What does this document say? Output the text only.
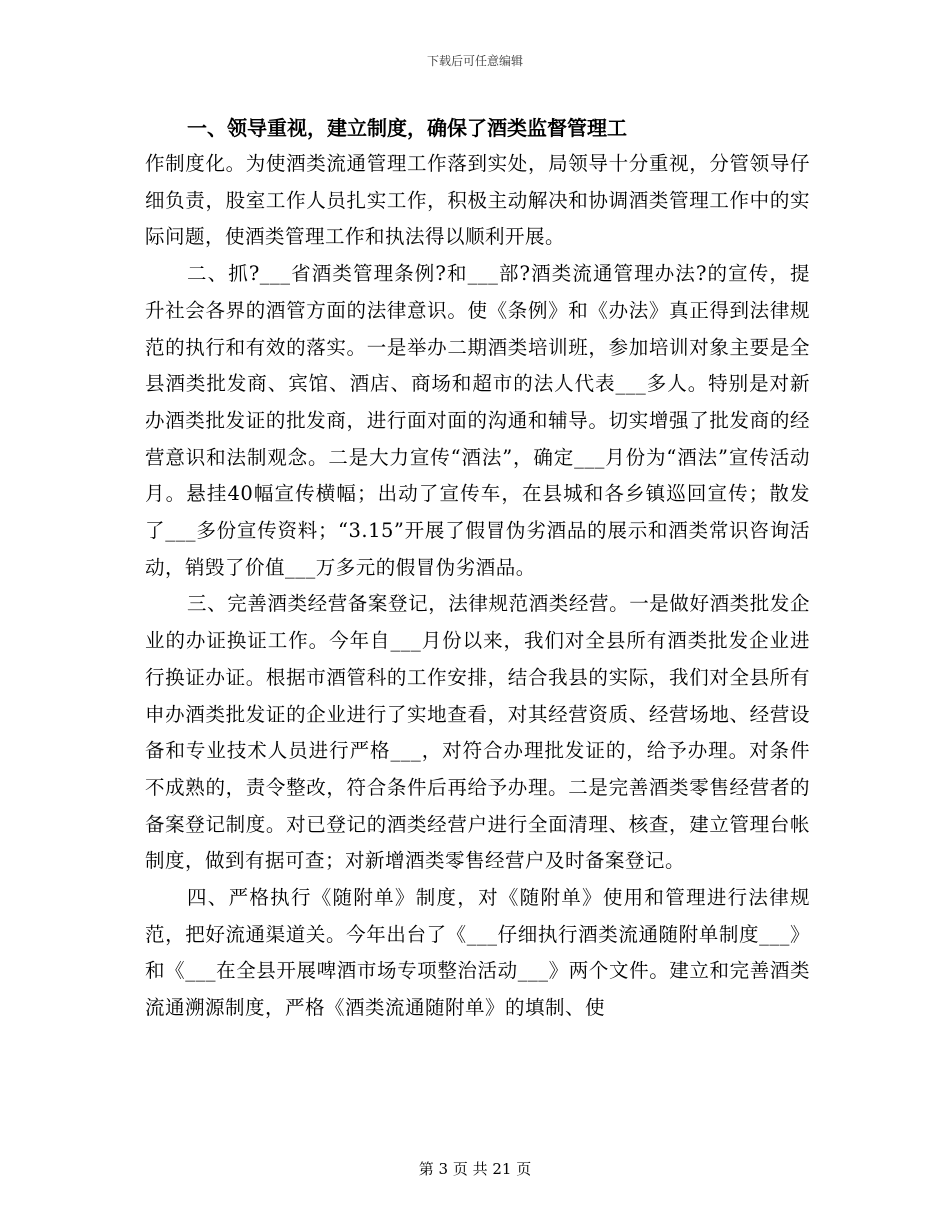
下载后可任意编辑

一、领导重视，建立制度，确保了酒类监督管理工

作制度化。为使酒类流通管理工作落到实处，局领导十分重视，分管领导仔细负责，股室工作人员扎实工作，积极主动解决和协调酒类管理工作中的实际问题，使酒类管理工作和执法得以顺利开展。

二、抓?___省酒类管理条例?和___部?酒类流通管理办法?的宣传，提升社会各界的酒管方面的法律意识。使《条例》和《办法》真正得到法律规范的执行和有效的落实。一是举办二期酒类培训班，参加培训对象主要是全县酒类批发商、宾馆、酒店、商场和超市的法人代表___多人。特别是对新办酒类批发证的批发商，进行面对面的沟通和辅导。切实增强了批发商的经营意识和法制观念。二是大力宣传“酒法”，确定___月份为“酒法”宣传活动月。悬挂40幅宣传横幅；出动了宣传车，在县城和各乡镇巡回宣传；散发了___多份宣传资料；“3.15”开展了假冒伪劣酒品的展示和酒类常识咨询活动，销毁了价值___万多元的假冒伪劣酒品。

三、完善酒类经营备案登记，法律规范酒类经营。一是做好酒类批发企业的办证换证工作。今年自___月份以来，我们对全县所有酒类批发企业进行换证办证。根据市酒管科的工作安排，结合我县的实际，我们对全县所有申办酒类批发证的企业进行了实地查看，对其经营资质、经营场地、经营设备和专业技术人员进行严格___，对符合办理批发证的，给予办理。对条件不成熟的，责令整改，符合条件后再给予办理。二是完善酒类零售经营者的备案登记制度。对已登记的酒类经营户进行全面清理、核查，建立管理台帐制度，做到有据可查；对新增酒类零售经营户及时备案登记。

四、严格执行《随附单》制度，对《随附单》使用和管理进行法律规范，把好流通渠道关。今年出台了《___仔细执行酒类流通随附单制度___》和《___在全县开展啤酒市场专项整治活动___》两个文件。建立和完善酒类流通溯源制度，严格《酒类流通随附单》的填制、使

第 3 页 共 21 页
